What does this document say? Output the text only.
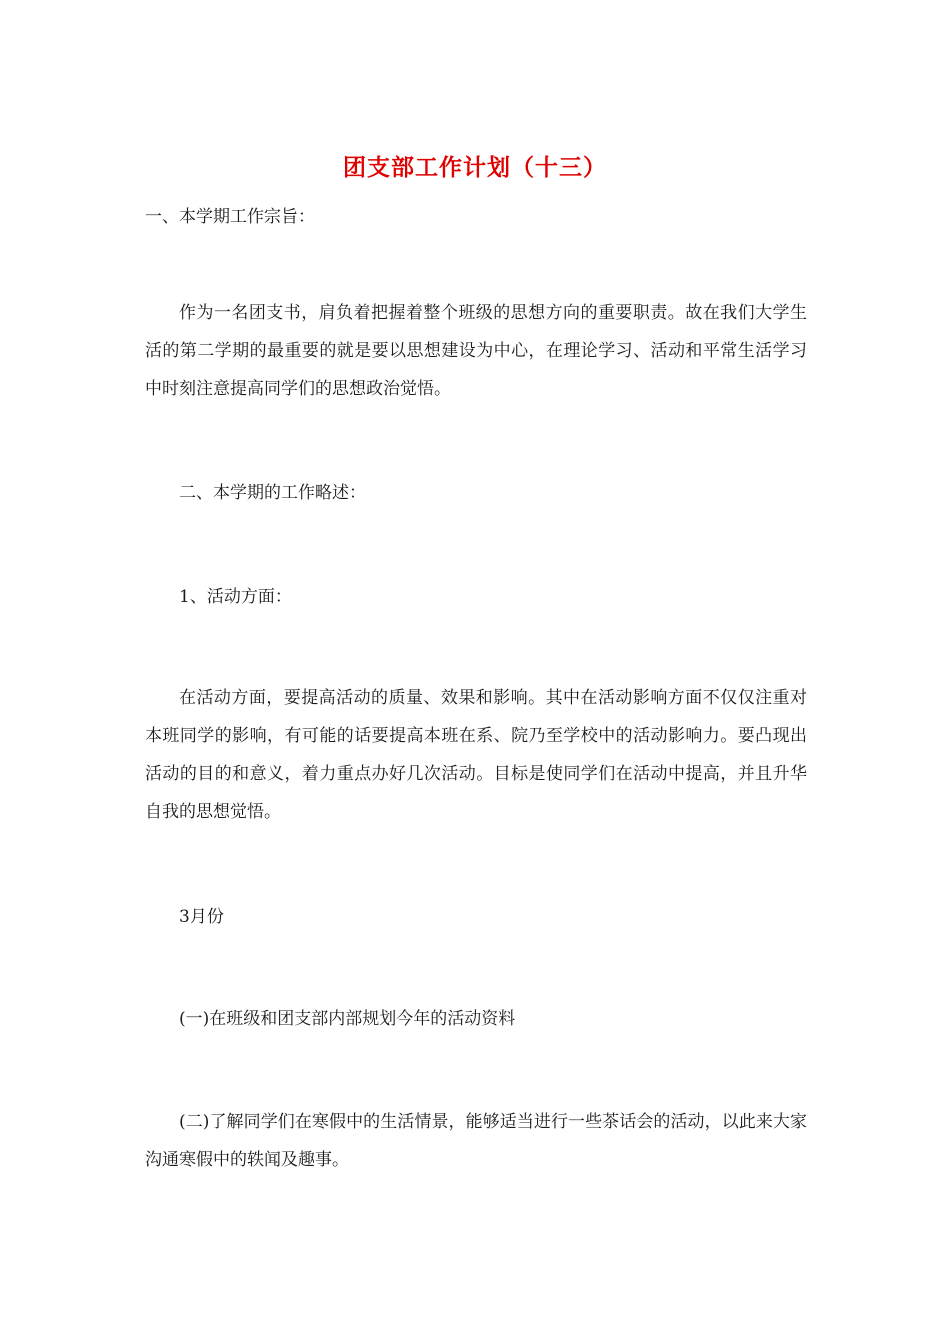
团支部工作计划（十三）
一、本学期工作宗旨：
作为一名团支书，肩负着把握着整个班级的思想方向的重要职责。故在我们大学生活的第二学期的最重要的就是要以思想建设为中心，在理论学习、活动和平常生活学习中时刻注意提高同学们的思想政治觉悟。
二、本学期的工作略述：
1、活动方面：
在活动方面，要提高活动的质量、效果和影响。其中在活动影响方面不仅仅注重对本班同学的影响，有可能的话要提高本班在系、院乃至学校中的活动影响力。要凸现出活动的目的和意义，着力重点办好几次活动。目标是使同学们在活动中提高，并且升华自我的思想觉悟。
3月份
(一)在班级和团支部内部规划今年的活动资料
(二)了解同学们在寒假中的生活情景，能够适当进行一些茶话会的活动，以此来大家沟通寒假中的轶闻及趣事。
